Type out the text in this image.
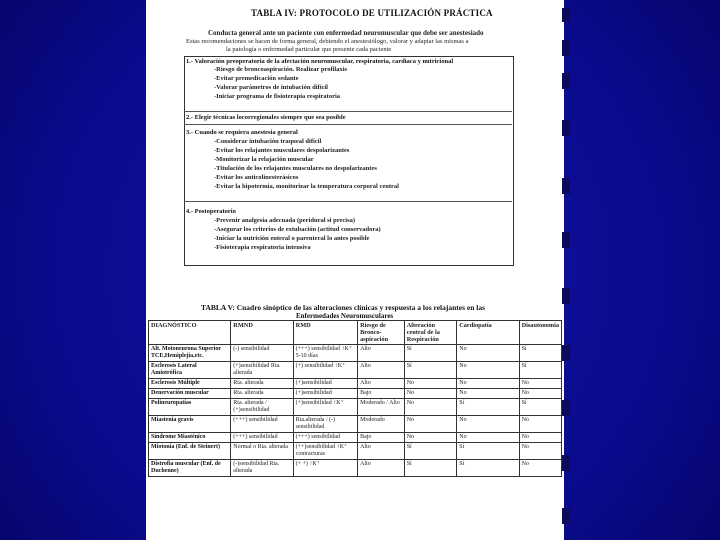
TABLA IV: PROTOCOLO DE UTILIZACIÓN PRÁCTICA
Conducta general ante un paciente con enfermedad neuromuscular que debe ser anestesiado
Estas recomendaciones se hacen de forma general, debiendo el anestesiólogo, valorar y adaptar las mismas a
la patología o enfermedad particular que presente cada paciente
1.- Valoración preoperatoria de la afectación neuromuscular, respiratoria, cardiaca y nutricional
-Riesgo de broncoaspiración. Realizar profilaxis
-Evitar premedicación sedante
-Valorar parámetros de intubación difícil
-Iniciar programa de fisioterapia respiratoria
2.- Elegir técnicas locorregionales siempre que sea posible
3.- Cuando se requiera anestesia general
-Considerar intubación traqueal difícil
-Evitar los relajantes musculares despolarizantes
-Monitorizar la relajación muscular
-Titulación de los relajantes musculares no despolarizantes
-Evitar los anticolinesterásicos
-Evitar la hipotermia, monitorizar la temperatura corporal central
4.- Postoperatorio
-Prevenir analgesia adecuada (peridural si precisa)
-Asegurar los criterios de extubación (actitud conservadora)
-Iniciar la nutrición enteral o parenteral lo antes posible
-Fisioterapia respiratoria intensiva
TABLA V: Cuadro sinóptico de las alteraciones clínicas y respuesta a los relajantes en las
Enfermedades Neuromusculares
DIAGNÓSTICO	RMND	RMD	Riesgo de Bronco-aspiración	Alteración central de la Respiración	Cardiopatía	Disautonomía
Alt. Motoneurona Superior TCE,Hemiplejía,etc.	(-) sensibilidad	(+++) sensibilidad ↑K⁺ 5-10 días	Alto	Sí	No	Sí
Esclerosis Lateral Amiotrófica	(+)sensibilidad Rta. alterada	(+) sensibilidad ↑K⁺	Alto	Sí	No	Sí
Esclerosis Múltiple	Rta. alterada	(+)sensibilidad	Alto	No	No	No
Denervación muscular	Rta. alterada	(+)sensibilidad	Bajo	No	No	No
Polineuropatías	Rta. alterada / (+)sensibilidad	(+)sensibilidad ↑K⁺	Moderado / Alto	No	Sí	Sí
Miastenia gravis	(+++) sensibilidad	Rta.alterada / (-) sensibilidad	Moderado	No	No	No
Síndrome Miasténico	(+++) sensibilidad	(+++) sensibilidad	Bajo	No	No	No
Miotonía (Enf. de Steinert)	Normal o Rta. alterada	(++)sensibilidad ↑K⁺ contracturas	Alto	Sí	Sí	No
Distrofia muscular (Enf. de Duchenne)	(-)sensibilidad Rta. alterada	(+ +) ↑K⁺	Alto	Sí	Sí	No
